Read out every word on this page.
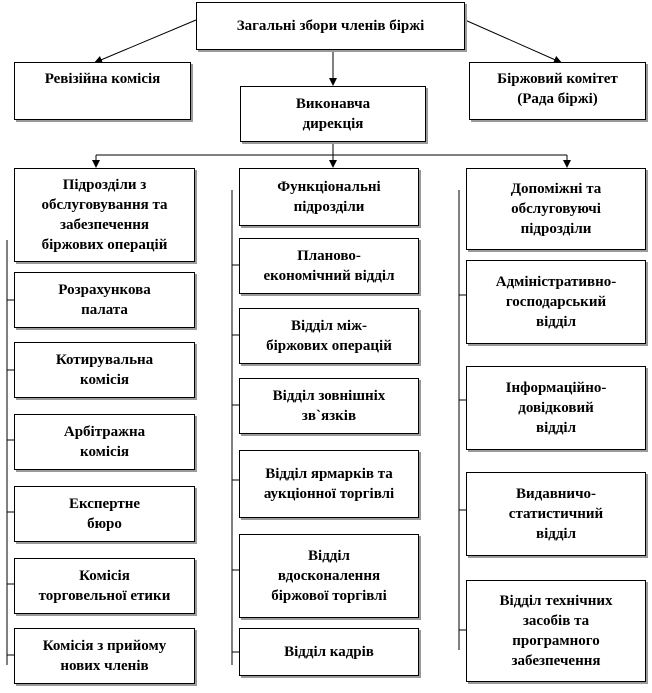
Загальні збори членів біржі
Ревізійна комісія	Біржовий комітет
(Рада біржі)
Виконавча
дирекція
Підрозділи з
обслуговування та
забезпечення
біржових операцій
Розрахункова
палата
Котирувальна
комісія
Арбітражна
комісія
Експертне
бюро
Комісія
торговельної етики
Комісія з прийому
нових членів
Функціональні
підрозділи
Планово-
економічний відділ
Відділ між-
біржових операцій
Відділ зовнішніх
зв`язків
Відділ ярмарків та
аукціонної торгівлі
Відділ
вдосконалення
біржової торгівлі
Відділ кадрів
Допоміжні та
обслуговуючі
підрозділи
Адміністративно-
господарський
відділ
Інформаційно-
довідковий
відділ
Видавничо-
статистичний
відділ
Відділ технічних
засобів та
програмного
забезпечення
